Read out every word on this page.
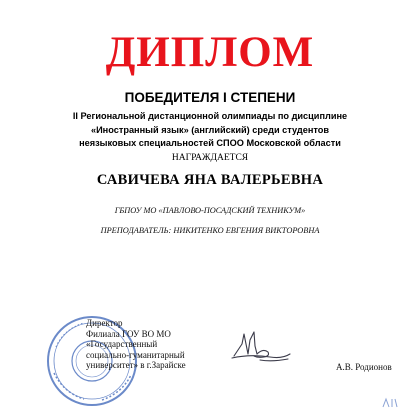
ДИПЛОМ
ПОБЕДИТЕЛЯ I СТЕПЕНИ
II Региональной дистанционной олимпиады по дисциплине
«Иностранный язык» (английский) среди студентов
неязыковых специальностей СПОО Московской области
НАГРАЖДАЕТСЯ
САВИЧЕВА ЯНА ВАЛЕРЬЕВНА
ГБПОУ МО «ПАВЛОВО-ПОСАДСКИЙ ТЕХНИКУМ»
ПРЕПОДАВАТЕЛЬ: НИКИТЕНКО ЕВГЕНИЯ ВИКТОРОВНА
Директор
Филиала ГОУ ВО МО
«Государственный
социально-гуманитарный
университет» в г.Зарайске	А.В. Родионов
